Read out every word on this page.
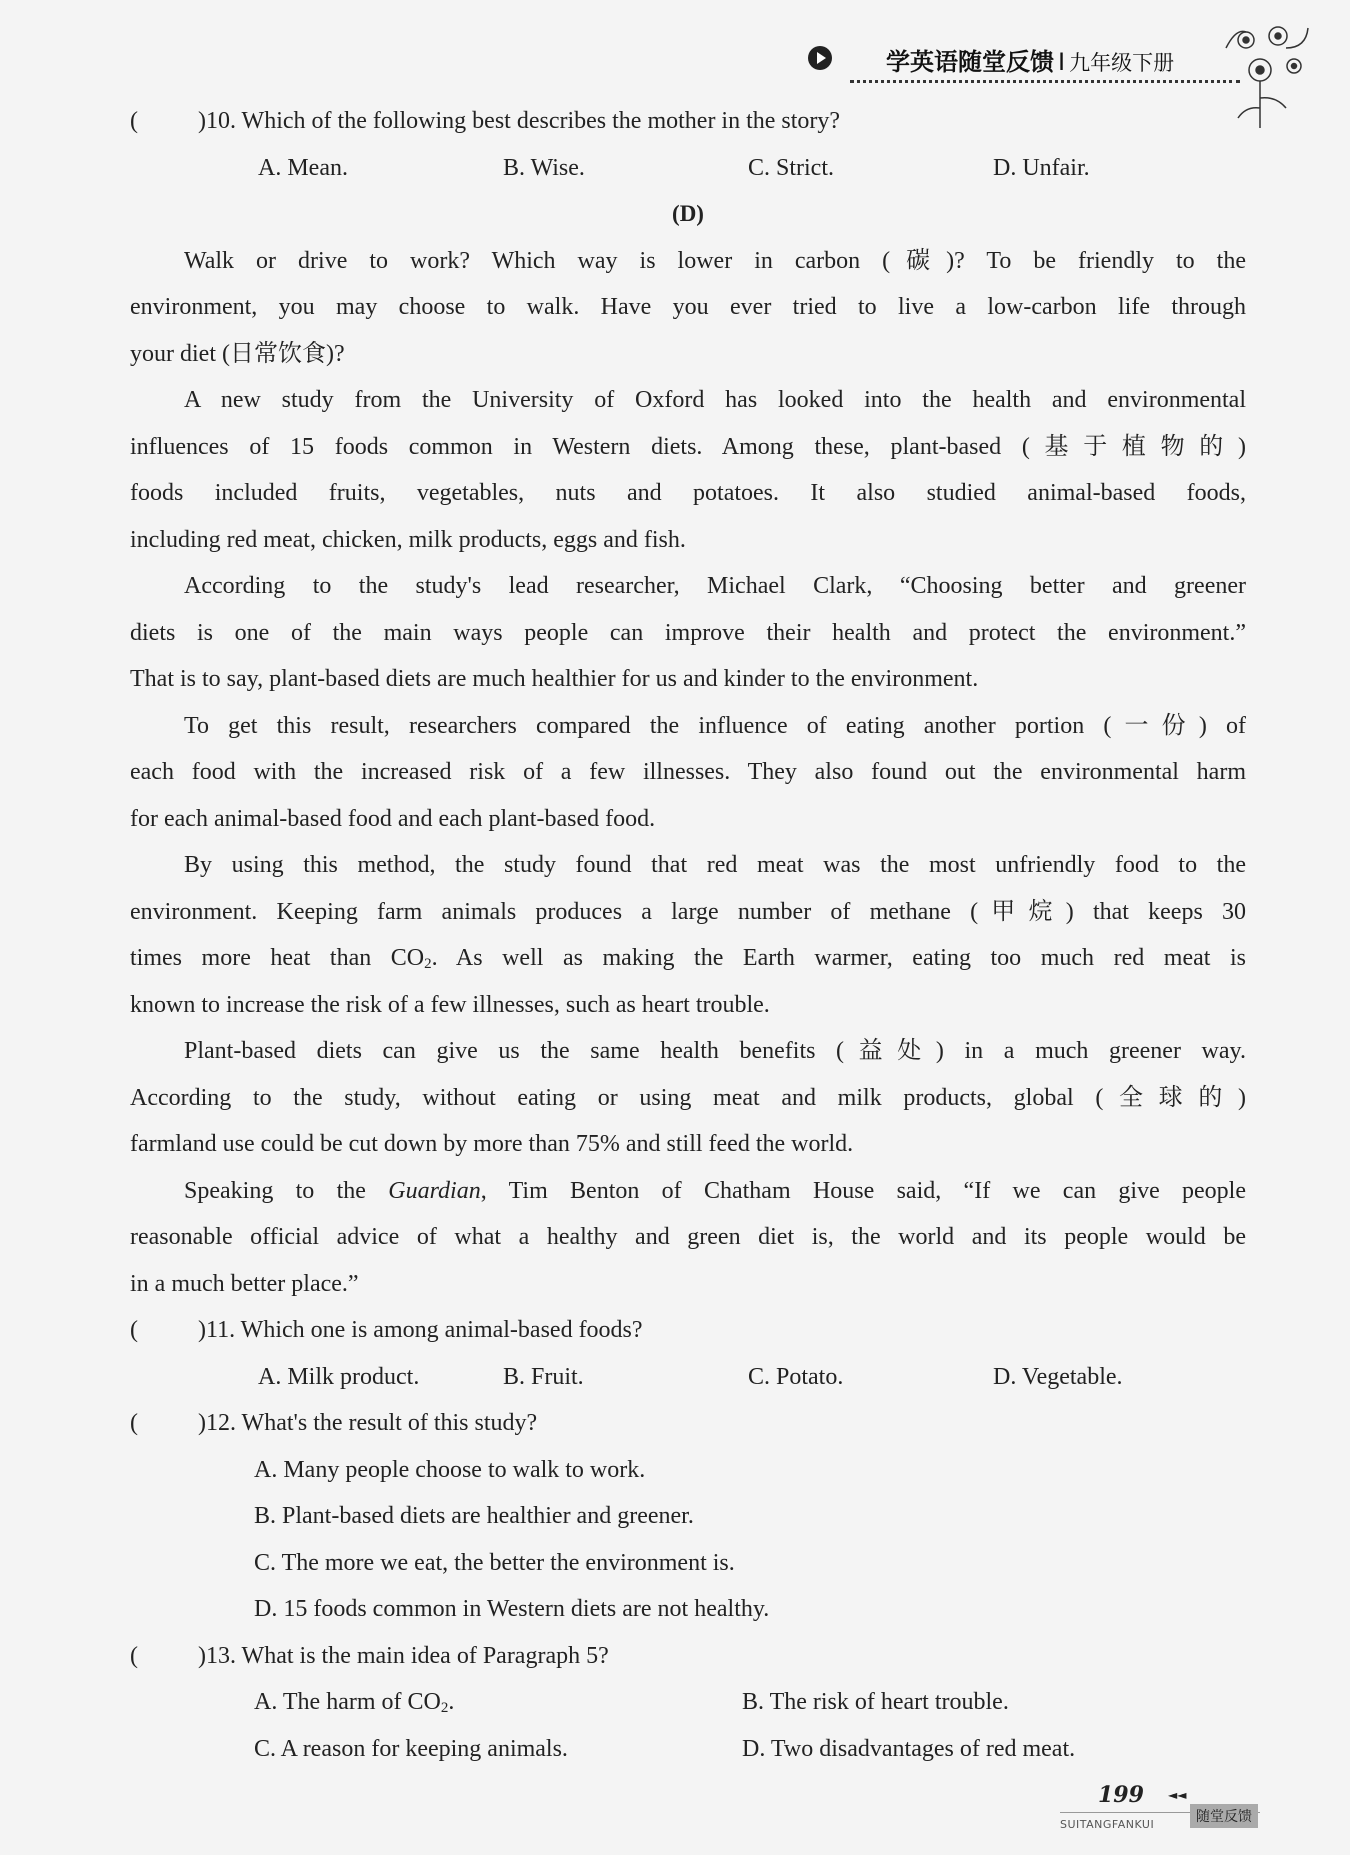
学英语随堂反馈 I 九年级下册
(	)10. Which of the following best describes the mother in the story?
A. Mean.	B. Wise.	C. Strict.	D. Unfair.
(D)
Walk or drive to work? Which way is lower in carbon (碳)? To be friendly to the
environment, you may choose to walk. Have you ever tried to live a low-carbon life through
your diet (日常饮食)?
A new study from the University of Oxford has looked into the health and environmental
influences of 15 foods common in Western diets. Among these, plant-based (基于植物的)
foods included fruits, vegetables, nuts and potatoes. It also studied animal-based foods,
including red meat, chicken, milk products, eggs and fish.
According to the study's lead researcher, Michael Clark, “Choosing better and greener
diets is one of the main ways people can improve their health and protect the environment.”
That is to say, plant-based diets are much healthier for us and kinder to the environment.
To get this result, researchers compared the influence of eating another portion (一份) of
each food with the increased risk of a few illnesses. They also found out the environmental harm
for each animal-based food and each plant-based food.
By using this method, the study found that red meat was the most unfriendly food to the
environment. Keeping farm animals produces a large number of methane (甲烷) that keeps 30
times more heat than $CO_2$. As well as making the Earth warmer, eating too much red meat is
known to increase the risk of a few illnesses, such as heart trouble.
Plant-based diets can give us the same health benefits (益处) in a much greener way.
According to the study, without eating or using meat and milk products, global (全球的)
farmland use could be cut down by more than 75% and still feed the world.
Speaking to the Guardian, Tim Benton of Chatham House said, “If we can give people
reasonable official advice of what a healthy and green diet is, the world and its people would be
in a much better place.”
(	)11. Which one is among animal-based foods?
A. Milk product.	B. Fruit.	C. Potato.	D. Vegetable.
(	)12. What's the result of this study?
A. Many people choose to walk to work.
B. Plant-based diets are healthier and greener.
C. The more we eat, the better the environment is.
D. 15 foods common in Western diets are not healthy.
(	)13. What is the main idea of Paragraph 5?
A. The harm of $CO_2$.	B. The risk of heart trouble.
C. A reason for keeping animals.	D. Two disadvantages of red meat.
199 ◄◄
SUITANGFANKUI	随堂反馈
